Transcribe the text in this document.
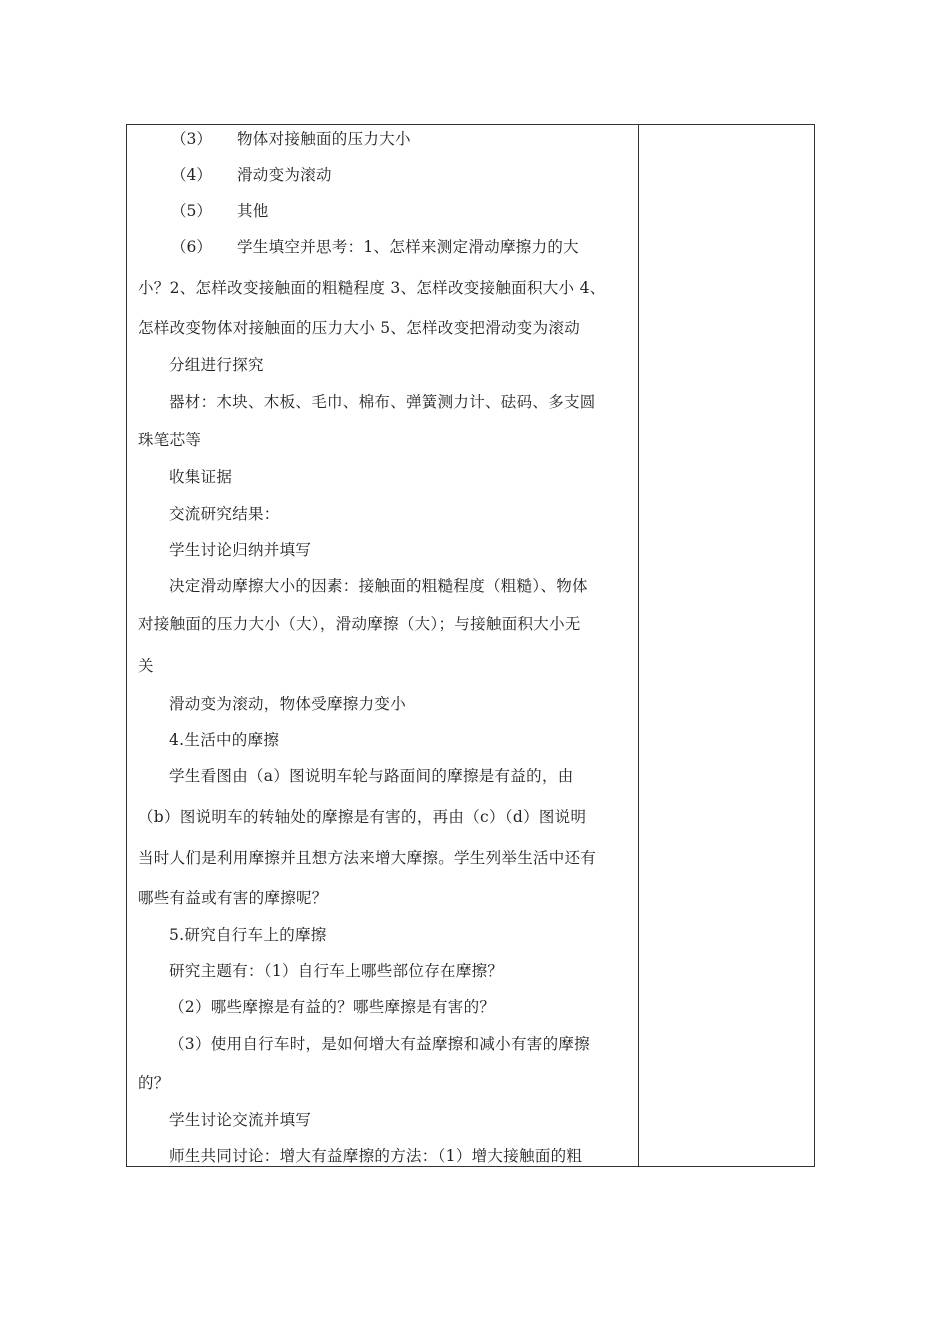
（3） 物体对接触面的压力大小
（4） 滑动变为滚动
（5） 其他
（6） 学生填空并思考：1、怎样来测定滑动摩擦力的大
小？2、怎样改变接触面的粗糙程度 3、怎样改变接触面积大小 4、
怎样改变物体对接触面的压力大小 5、怎样改变把滑动变为滚动
分组进行探究
器材：木块、木板、毛巾、棉布、弹簧测力计、砝码、多支圆
珠笔芯等
收集证据
交流研究结果：
学生讨论归纳并填写
决定滑动摩擦大小的因素：接触面的粗糙程度（粗糙）、物体
对接触面的压力大小（大），滑动摩擦（大）；与接触面积大小无
关
滑动变为滚动，物体受摩擦力变小
4.生活中的摩擦
学生看图由（a）图说明车轮与路面间的摩擦是有益的，由
（b）图说明车的转轴处的摩擦是有害的，再由（c）（d）图说明
当时人们是利用摩擦并且想方法来增大摩擦。学生列举生活中还有
哪些有益或有害的摩擦呢？
5.研究自行车上的摩擦
研究主题有：（1）自行车上哪些部位存在摩擦？
（2）哪些摩擦是有益的？哪些摩擦是有害的？
（3）使用自行车时，是如何增大有益摩擦和减小有害的摩擦
的？
学生讨论交流并填写
师生共同讨论：增大有益摩擦的方法：（1）增大接触面的粗
